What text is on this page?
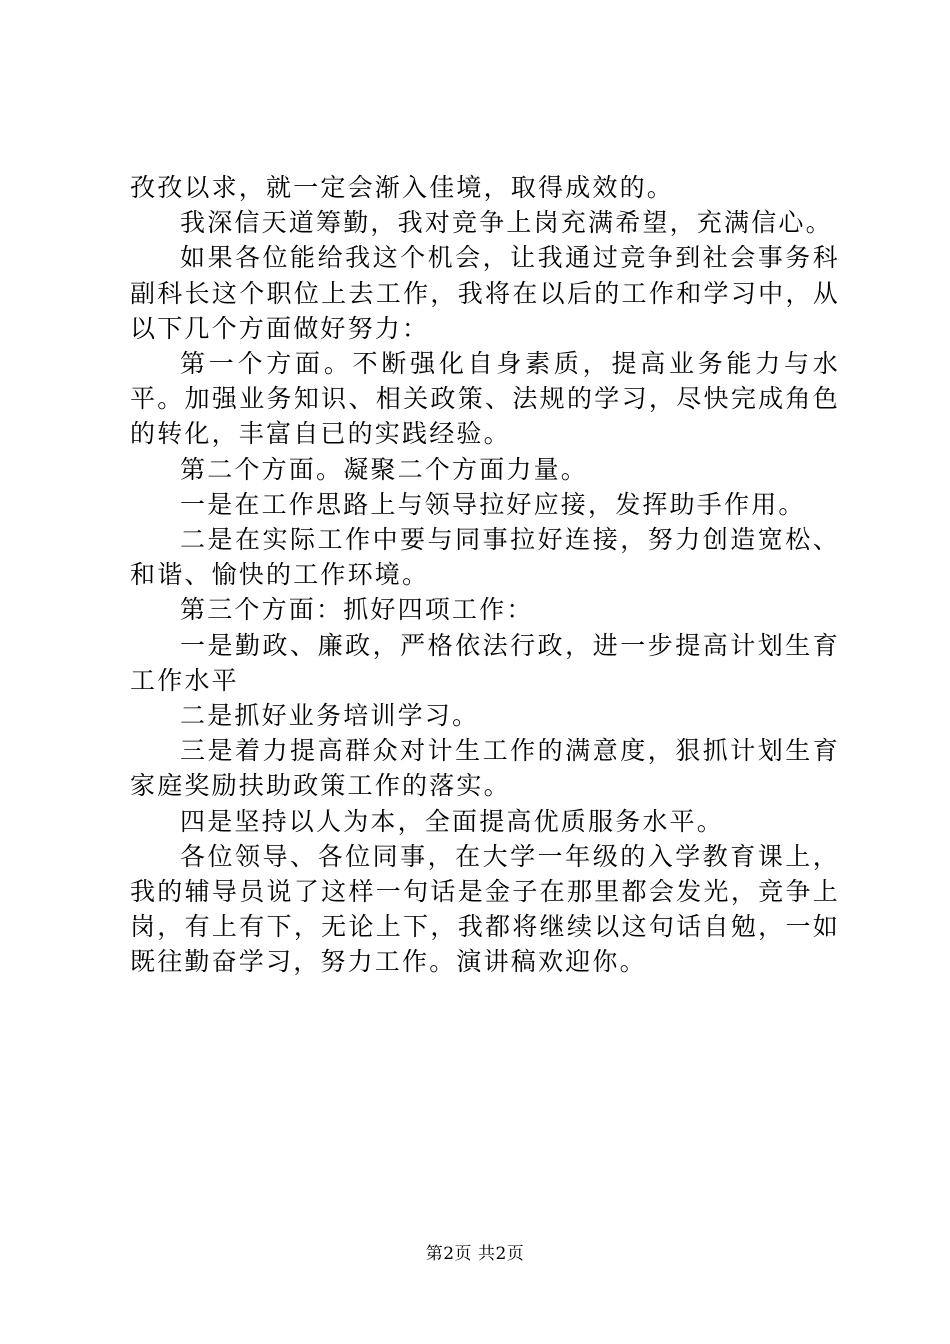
孜孜以求，就一定会渐入佳境，取得成效的。

我深信天道筹勤，我对竞争上岗充满希望，充满信心。

如果各位能给我这个机会，让我通过竞争到社会事务科副科长这个职位上去工作，我将在以后的工作和学习中，从以下几个方面做好努力：

第一个方面。不断强化自身素质，提高业务能力与水平。加强业务知识、相关政策、法规的学习，尽快完成角色的转化，丰富自已的实践经验。

第二个方面。凝聚二个方面力量。

一是在工作思路上与领导拉好应接，发挥助手作用。

二是在实际工作中要与同事拉好连接，努力创造宽松、和谐、愉快的工作环境。

第三个方面：抓好四项工作：

一是勤政、廉政，严格依法行政，进一步提高计划生育工作水平

二是抓好业务培训学习。

三是着力提高群众对计生工作的满意度，狠抓计划生育家庭奖励扶助政策工作的落实。

四是坚持以人为本，全面提高优质服务水平。

各位领导、各位同事，在大学一年级的入学教育课上，我的辅导员说了这样一句话是金子在那里都会发光，竞争上岗，有上有下，无论上下，我都将继续以这句话自勉，一如既往勤奋学习，努力工作。演讲稿欢迎你。

第2页 共2页
